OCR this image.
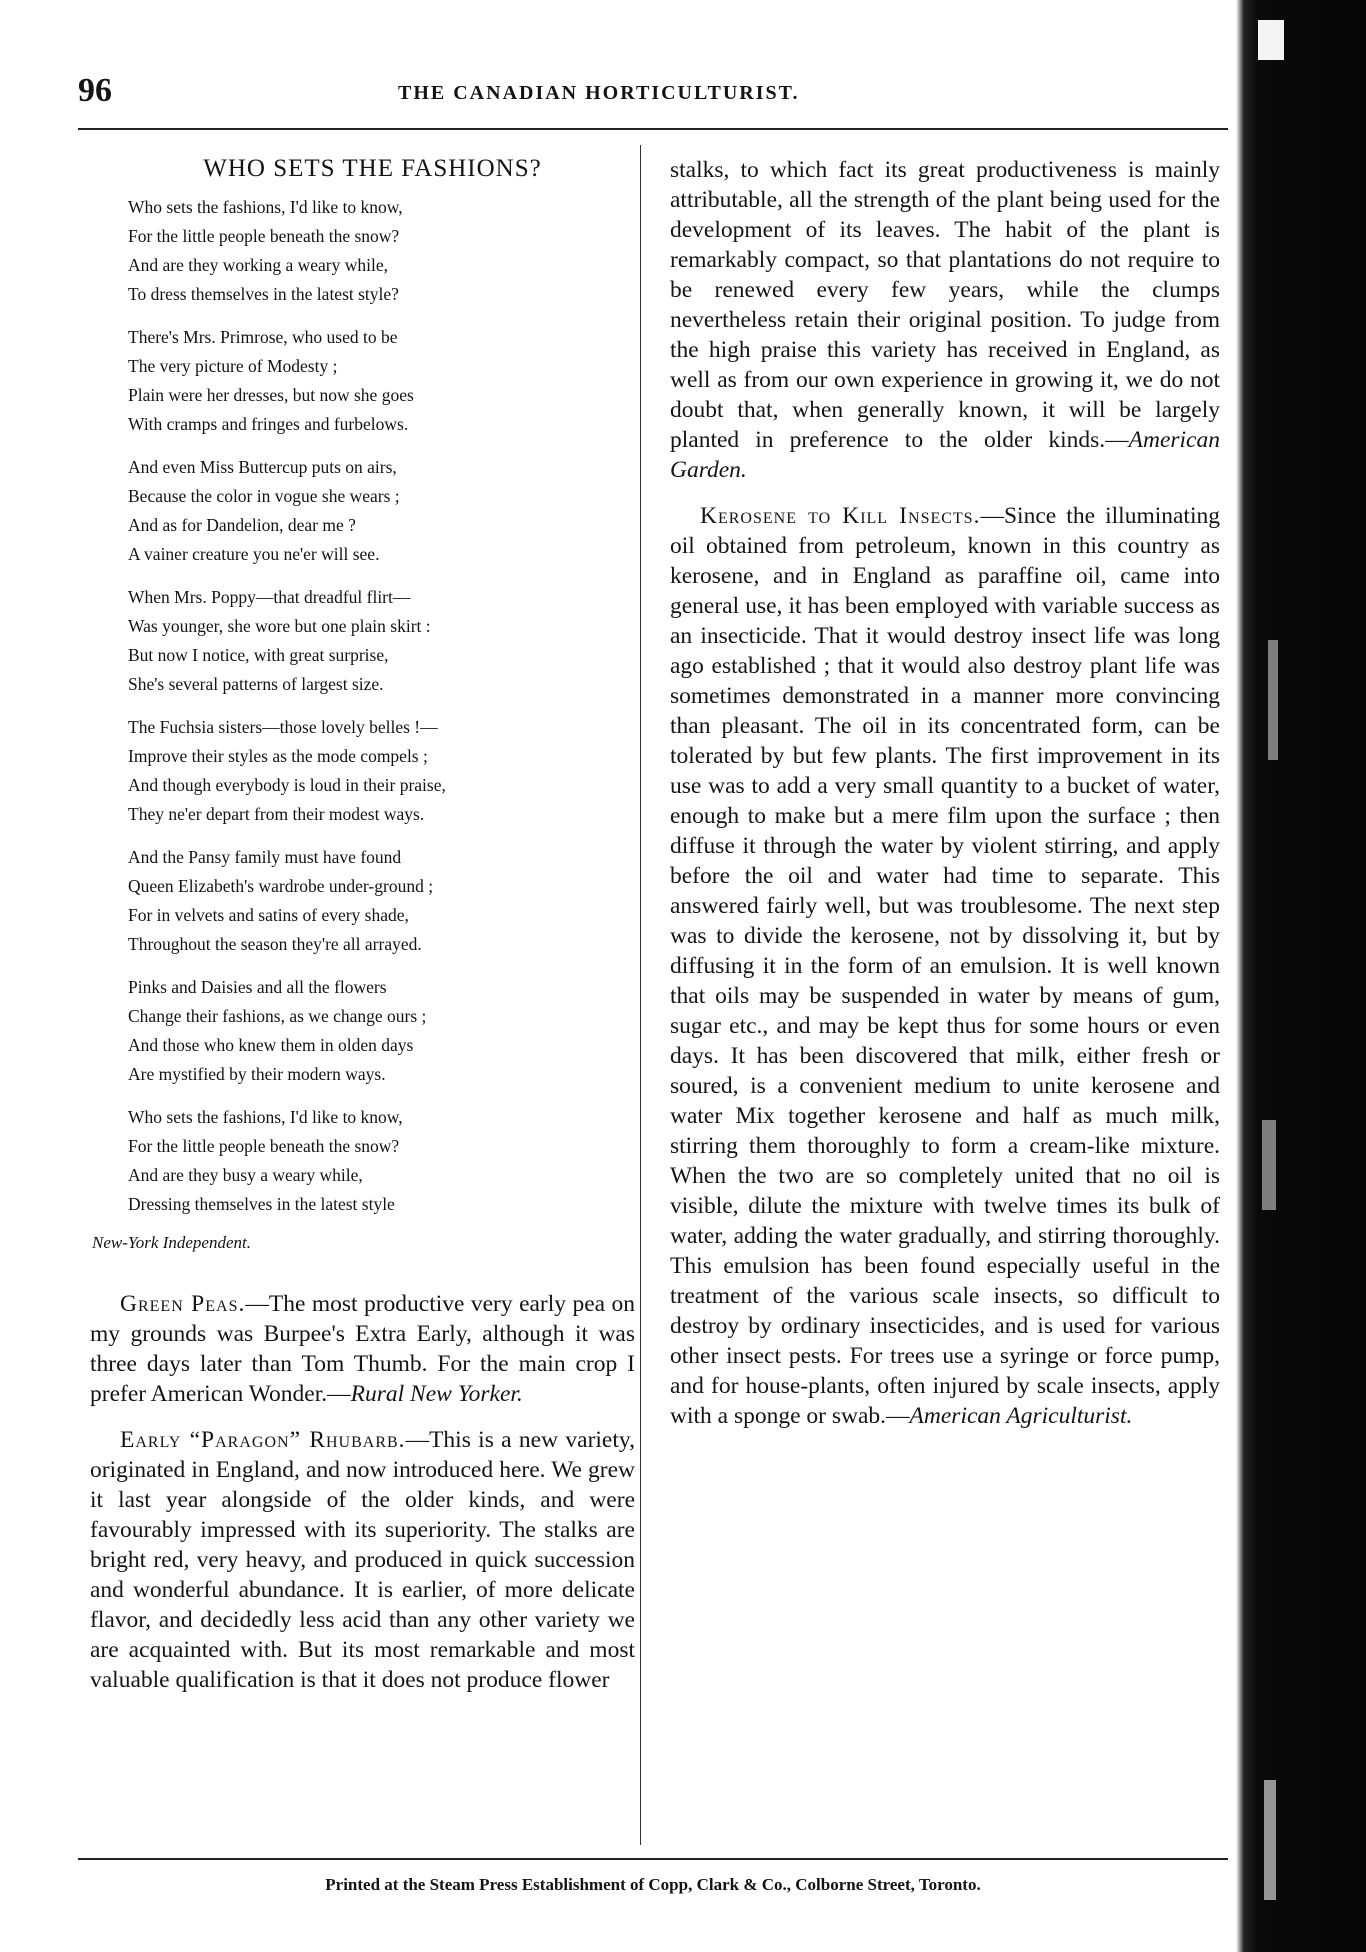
96	THE CANADIAN HORTICULTURIST.
WHO SETS THE FASHIONS?
Who sets the fashions, I'd like to know,
For the little people beneath the snow?
And are they working a weary while,
To dress themselves in the latest style?
There's Mrs. Primrose, who used to be
The very picture of Modesty ;
Plain were her dresses, but now she goes
With cramps and fringes and furbelows.
And even Miss Buttercup puts on airs,
Because the color in vogue she wears ;
And as for Dandelion, dear me ?
A vainer creature you ne'er will see.
When Mrs. Poppy—that dreadful flirt—
Was younger, she wore but one plain skirt :
But now I notice, with great surprise,
She's several patterns of largest size.
The Fuchsia sisters—those lovely belles !—
Improve their styles as the mode compels ;
And though everybody is loud in their praise,
They ne'er depart from their modest ways.
And the Pansy family must have found
Queen Elizabeth's wardrobe under-ground ;
For in velvets and satins of every shade,
Throughout the season they're all arrayed.
Pinks and Daisies and all the flowers
Change their fashions, as we change ours ;
And those who knew them in olden days
Are mystified by their modern ways.
Who sets the fashions, I'd like to know,
For the little people beneath the snow?
And are they busy a weary while,
Dressing themselves in the latest style
New-York Independent.

Green Peas.—The most productive very early pea on my grounds was Burpee's Extra Early, although it was three days later than Tom Thumb. For the main crop I prefer American Wonder.—Rural New Yorker.

Early “Paragon” Rhubarb.—This is a new variety, originated in England, and now introduced here. We grew it last year alongside of the older kinds, and were favourably impressed with its superiority. The stalks are bright red, very heavy, and produced in quick succession and wonderful abundance. It is earlier, of more delicate flavor, and decidedly less acid than any other variety we are acquainted with. But its most remarkable and most valuable qualification is that it does not produce flower

stalks, to which fact its great productiveness is mainly attributable, all the strength of the plant being used for the development of its leaves. The habit of the plant is remarkably compact, so that plantations do not require to be renewed every few years, while the clumps nevertheless retain their original position. To judge from the high praise this variety has received in England, as well as from our own experience in growing it, we do not doubt that, when generally known, it will be largely planted in preference to the older kinds.—American Garden.

Kerosene to Kill Insects.—Since the illuminating oil obtained from petroleum, known in this country as kerosene, and in England as paraffine oil, came into general use, it has been employed with variable success as an insecticide. That it would destroy insect life was long ago established ; that it would also destroy plant life was sometimes demonstrated in a manner more convincing than pleasant. The oil in its concentrated form, can be tolerated by but few plants. The first improvement in its use was to add a very small quantity to a bucket of water, enough to make but a mere film upon the surface ; then diffuse it through the water by violent stirring, and apply before the oil and water had time to separate. This answered fairly well, but was troublesome. The next step was to divide the kerosene, not by dissolving it, but by diffusing it in the form of an emulsion. It is well known that oils may be suspended in water by means of gum, sugar etc., and may be kept thus for some hours or even days. It has been discovered that milk, either fresh or soured, is a convenient medium to unite kerosene and water Mix together kerosene and half as much milk, stirring them thoroughly to form a cream-like mixture. When the two are so completely united that no oil is visible, dilute the mixture with twelve times its bulk of water, adding the water gradually, and stirring thoroughly. This emulsion has been found especially useful in the treatment of the various scale insects, so difficult to destroy by ordinary insecticides, and is used for various other insect pests. For trees use a syringe or force pump, and for house-plants, often injured by scale insects, apply with a sponge or swab.—American Agriculturist.

Printed at the Steam Press Establishment of Copp, Clark & Co., Colborne Street, Toronto.
